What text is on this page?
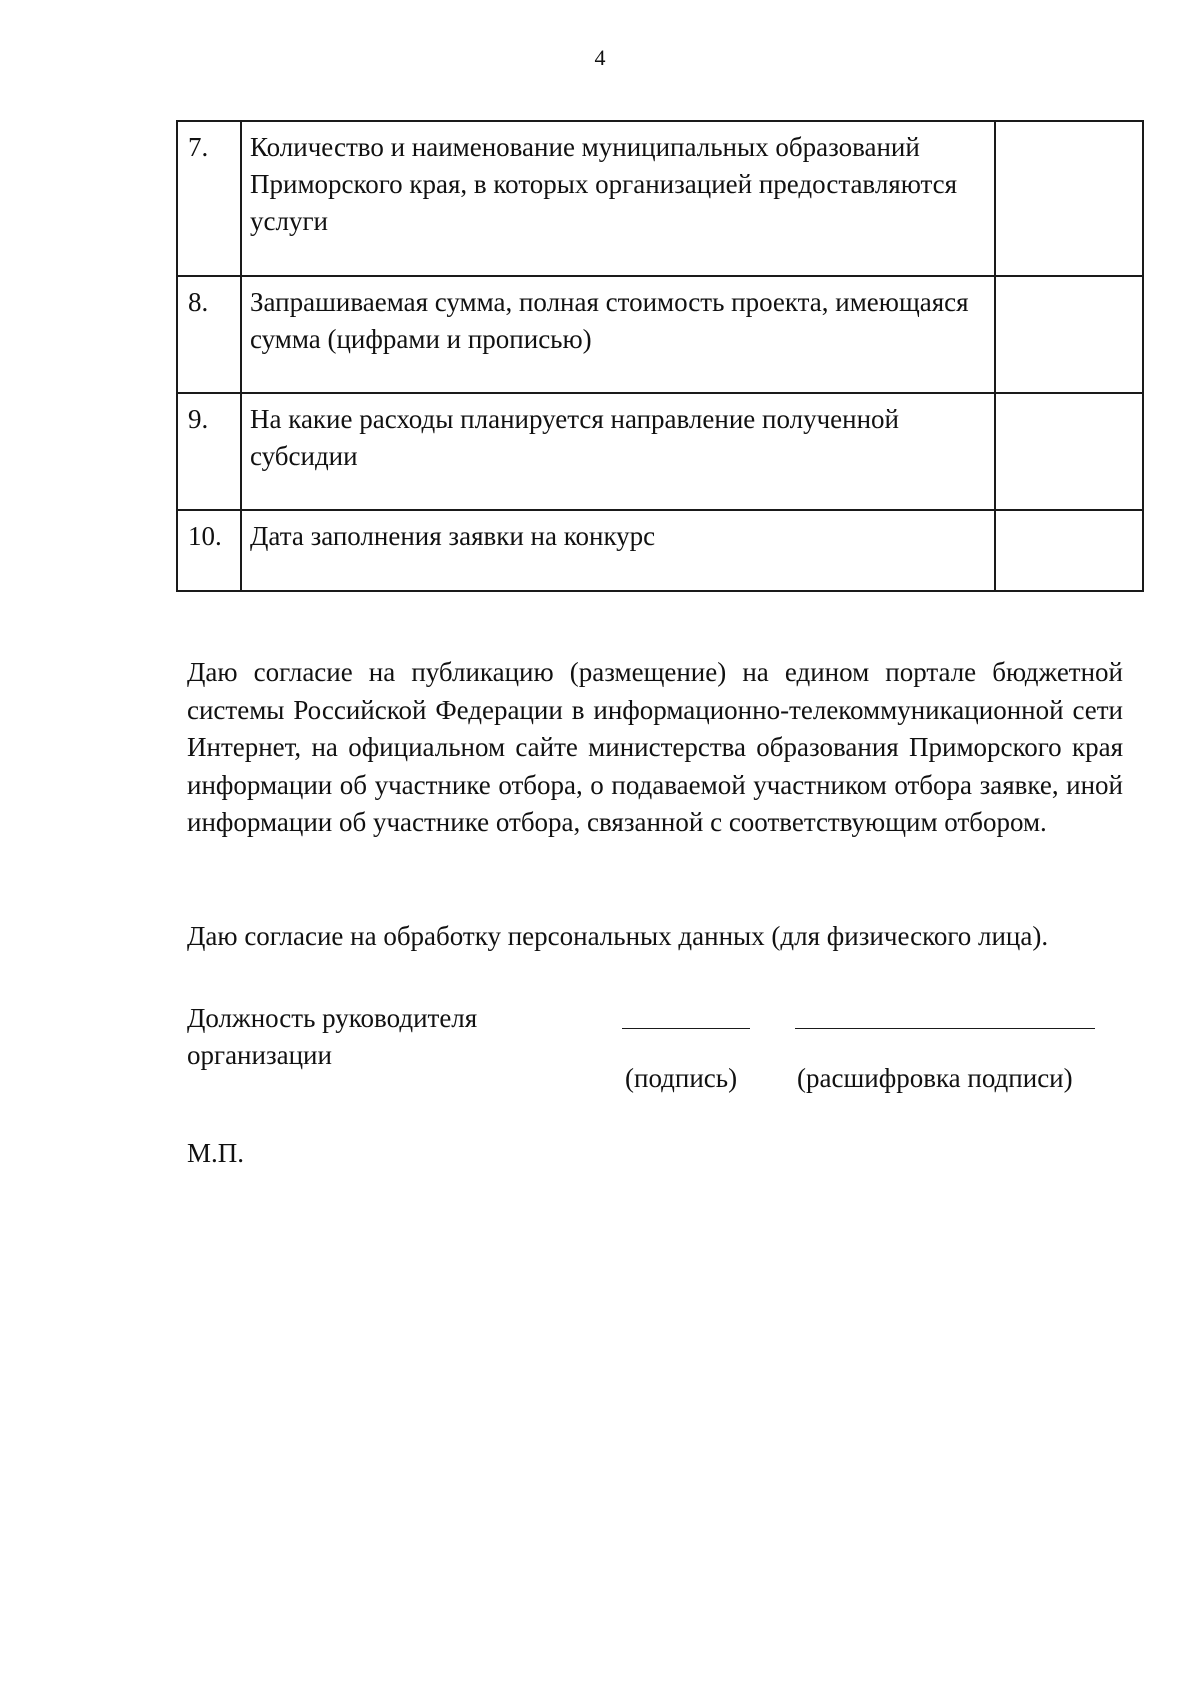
4
7.	Количество и наименование муниципальных образований Приморского края, в которых организацией предоставляются услуги	
8.	Запрашиваемая сумма, полная стоимость проекта, имеющаяся сумма (цифрами и прописью)	
9.	На какие расходы планируется направление полученной субсидии	
10.	Дата заполнения заявки на конкурс	

Даю согласие на публикацию (размещение) на едином портале бюджетной системы Российской Федерации в информационно-телекоммуникационной сети Интернет, на официальном сайте министерства образования Приморского края информации об участнике отбора, о подаваемой участником отбора заявке, иной информации об участнике отбора, связанной с соответствующим отбором.

Даю согласие на обработку персональных данных (для физического лица).

Должность руководителя организации

(подпись) (расшифровка подписи)
М.П.
